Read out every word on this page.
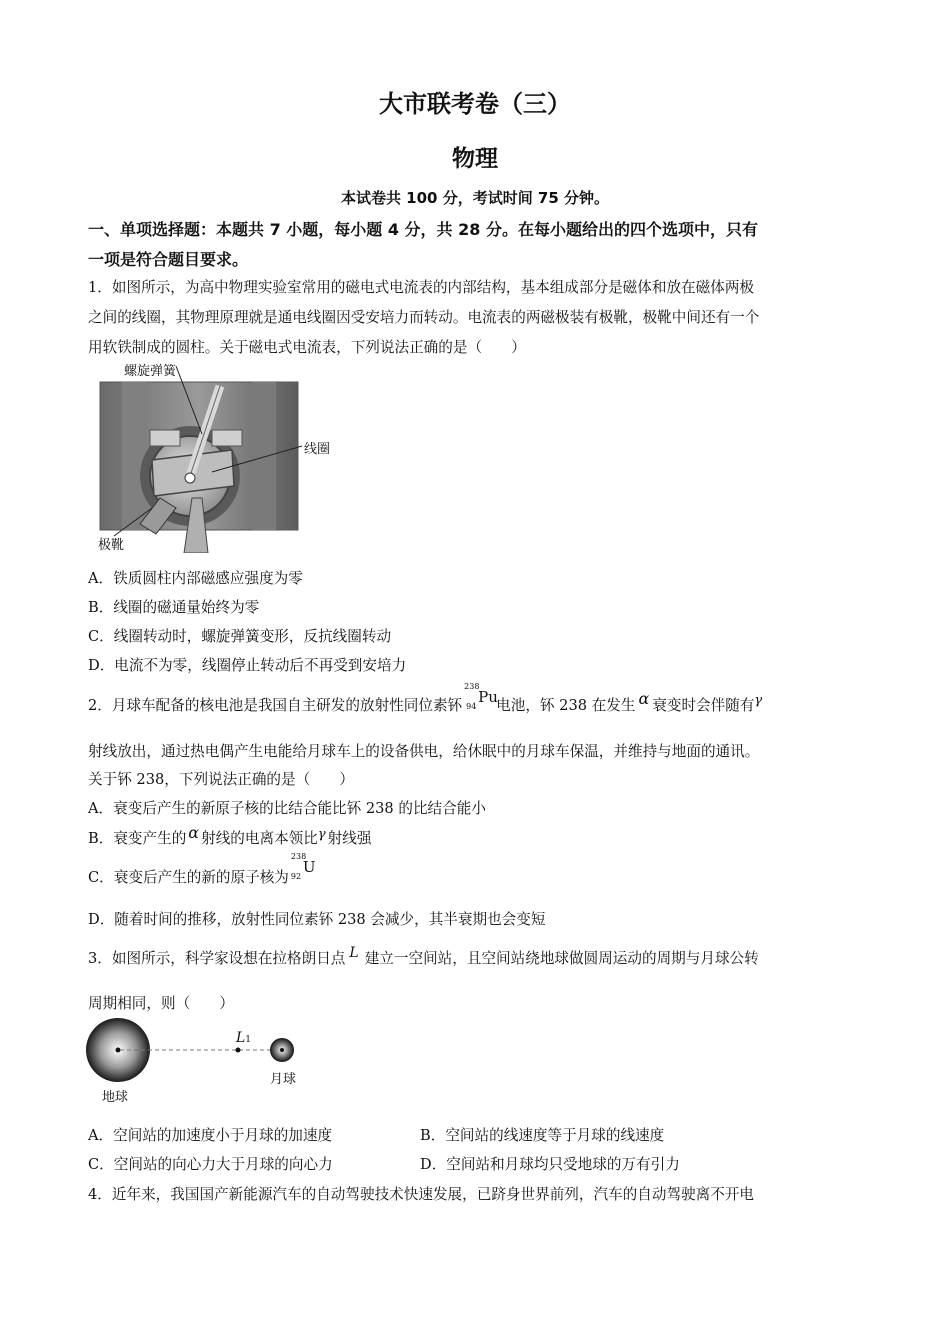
大市联考卷（三）
物理
本试卷共 100 分，考试时间 75 分钟。
一、单项选择题：本题共 7 小题，每小题 4 分，共 28 分。在每小题给出的四个选项中，只有
一项是符合题目要求。
1．如图所示，为高中物理实验室常用的磁电式电流表的内部结构，基本组成部分是磁体和放在磁体两极
之间的线圈，其物理原理就是通电线圈因受安培力而转动。电流表的两磁极装有极靴，极靴中间还有一个
用软铁制成的圆柱。关于磁电式电流表，下列说法正确的是（　　）
螺旋弹簧
线圈
极靴
A．铁质圆柱内部磁感应强度为零
B．线圈的磁通量始终为零
C．线圈转动时，螺旋弹簧变形，反抗线圈转动
D．电流不为零，线圈停止转动后不再受到安培力
2．月球车配备的核电池是我国自主研发的放射性同位素钚
238
94
Pu
电池，钚 238 在发生 α 衰变时会伴随有γ
射线放出，通过热电偶产生电能给月球车上的设备供电，给休眠中的月球车保温，并维持与地面的通讯。
关于钚 238，下列说法正确的是（　　）
A．衰变后产生的新原子核的比结合能比钚 238 的比结合能小
B．衰变产生的 α 射线的电离本领比γ 射线强
C．衰变后产生的新的原子核为
238
92
U
D．随着时间的推移，放射性同位素钚 238 会减少，其半衰期也会变短
3．如图所示，科学家设想在拉格朗日点 L 建立一空间站，且空间站绕地球做圆周运动的周期与月球公转
周期相同，则（　　）
L1
地球
月球
A．空间站的加速度小于月球的加速度	B．空间站的线速度等于月球的线速度
C．空间站的向心力大于月球的向心力	D．空间站和月球均只受地球的万有引力
4．近年来，我国国产新能源汽车的自动驾驶技术快速发展，已跻身世界前列，汽车的自动驾驶离不开电
